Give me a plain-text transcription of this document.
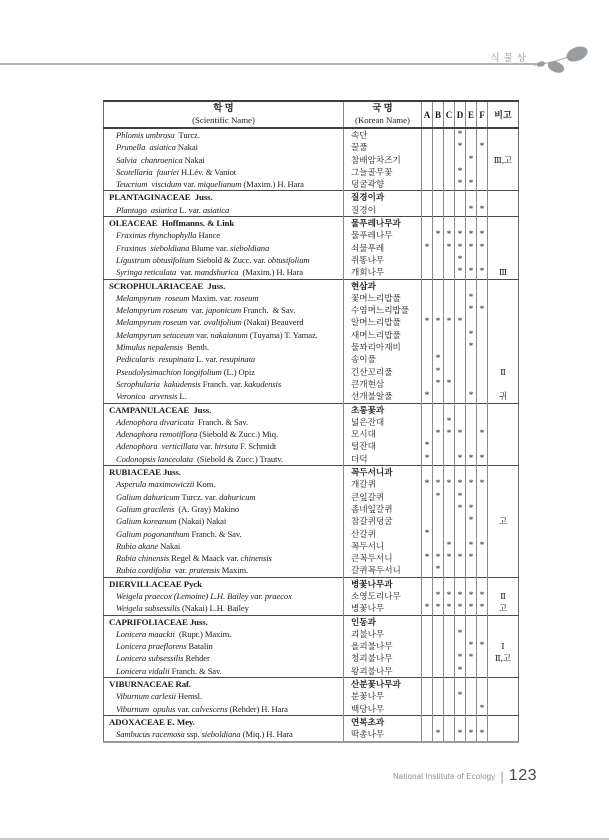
식물상
학 명
(Scientific Name)

국 명
(Korean Name)
	A	B	C	D	E	F	비고
Phlomis umbrosa  Turcz.	속단				*			
Prunella  asiatica Nakai	꿀풀				*		*	
Salvia  chanroenica Nakai	참배암차즈기					*		Ⅲ,고
Scutellaria  fauriei H.Lév. & Vaniot	그늘골무꽃				*			
Teucrium  viscidum var. miquelianum (Maxim.) H. Hara	덩굴곽향				*	*		
PLANTAGINACEAE  Juss.	질경이과							
Plantago  asiatica L. var. asiatica	질경이					*	*	
OLEACEAE  Hoffmanns. & Link	물푸레나무과							
Fraxinus rhynchophylla Hance	물푸레나무		*	*	*	*	*	
Fraxinus  sieboldiana Blume var. sieboldiana	쇠물푸레	*		*	*	*	*	
Ligustrum obtusifolium Siebold & Zucc. var. obtusifolium	쥐똥나무				*			
Syringa reticulata  var. mandshurica  (Maxim.) H. Hara	개회나무				*	*	*	Ⅲ
SCROPHULARIACEAE  Juss.	현삼과							
Melampyrum  roseum Maxim. var. roseum	꽃며느리밥풀					*		
Melampyrum roseum  var. japonicum Franch.  & Sav.	수염며느리밥풀					*	*	
Melampyrum roseum var. ovalifolium (Nakai) Beauverd	알며느리밥풀	*	*	*	*			
Melampyrum setaceum var. nakaianum (Tuyama) T. Yamaz.	새며느리밥풀					*		
Mimulus nepalensis  Benth.	물꽈리아재비					*		
Pedicularis  resupinata L. var. resupinata	송이풀		*					
Pseudolysimachion longifolium (L.) Opiz	긴산꼬리풀		*					Ⅱ
Scrophularia  kakudensis Franch. var. kakudensis	큰개현삼		*	*				
Veronica  arvensis L.	선개불알풀	*				*		귀
CAMPANULACEAE  Juss.	초롱꽃과							
Adenophora divaricata  Franch. & Sav.	넓은잔대			*				
Adenophora remotiflora (Siebold & Zucc.) Miq.	모시대		*	*	*		*	
Adenophora  verticillata var. hirsuta F. Schmidt	털잔대	*						
Codonopsis lanceolata  (Siebold & Zucc.) Trautv.	더덕	*			*	*	*	
RUBIACEAE Juss.	꼭두서니과							
Asperula maximowiczii Kom.	개갈퀴	*	*	*	*	*	*	
Galium dahuricum Turcz. var. dahuricum	큰잎갈퀴		*		*			
Galium gracilens  (A. Gray) Makino	좀네잎갈퀴				*	*		
Galium koreanum (Nakai) Nakai	참갈퀴덩굴					*		고
Galium pogonanthum Franch. & Sav.	산갈퀴	*						
Rubia akane Nakai	꼭두서니			*		*	*	
Rubia chinensis Regel & Maack var. chinensis	큰꼭두서니	*	*	*	*	*		
Rubia cordifolia  var. pratensis Maxim.	갈퀴꼭두서니		*					
DIERVILLACEAE Pyck	병꽃나무과							
Weigela praecox (Lemoine) L.H. Bailey var. praecox	소영도리나무		*	*	*	*	*	Ⅱ
Weigela subsessilis (Nakai) L.H. Bailey	병꽃나무	*	*	*	*	*	*	고
CAPRIFOLIACEAE Juss.	인동과							
Lonicera maackii  (Rupr.) Maxim.	괴불나무				*			
Lonicera praeflorens Batalin	올괴불나무					*	*	Ⅰ
Lonicera subsessilis Rehder	청괴불나무				*	*		Ⅱ,고
Lonicera vidalii Franch. & Sav.	왕괴불나무				*			
VIBURNACEAE Raf.	산분꽃나무과							
Viburnum carlesii Hemsl.	분꽃나무				*			
Viburnum  opulus var. calvescens (Rehder) H. Hara	백당나무						*	
ADOXACEAE E. Mey.	연복초과							
Sambucus racemosa ssp. sieboldiana (Miq.) H. Hara	딱총나무		*		*	*	*	
National Institute of Ecology | 123
